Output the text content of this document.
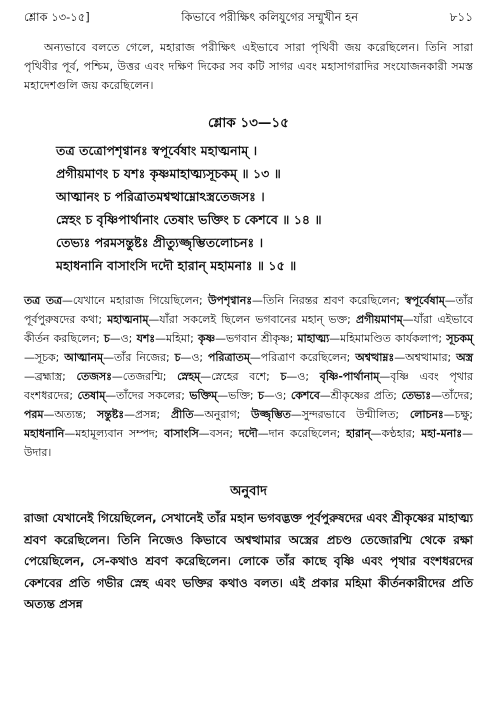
শ্লোক ১৩-১৫]	কিভাবে পরীক্ষিৎ কলিযুগের সম্মুখীন হন	৮১১

অন্যভাবে বলতে গেলে, মহারাজ পরীক্ষিৎ এইভাবে সারা পৃথিবী জয় করেছিলেন। তিনি সারা পৃথিবীর পূর্ব, পশ্চিম, উত্তর এবং দক্ষিণ দিকের সব কটি সাগর এবং মহাসাগরাদির সংযোজনকারী সমস্ত মহাদেশগুলি জয় করেছিলেন।

শ্লোক ১৩—১৫
তত্র তত্রোপশৃণ্বানঃ স্বপূর্বেষাং মহাত্মনাম্ ।
প্রগীয়মাণং চ যশঃ কৃষ্ণমাহাত্ম্যসূচকম্ ॥ ১৩ ॥
আত্মানং চ পরিত্রাতমশ্বত্থাম্নোঽস্ত্রতেজসঃ ।
স্নেহং চ বৃষ্ণিপার্থানাং তেষাং ভক্তিং চ কেশবে ॥ ১৪ ॥
তেভ্যঃ পরমসন্তুষ্টঃ প্রীত্যুজ্জৃম্ভিতলোচনঃ ।
মহাধনানি বাসাংসি দদৌ হারান্ মহামনাঃ ॥ ১৫ ॥
তত্র তত্র—যেখানে মহারাজ গিয়েছিলেন; উপশৃণ্বানঃ—তিনি নিরন্তর শ্রবণ করেছিলেন; স্বপূর্বেষাম্—তাঁর পূর্বপুরুষদের কথা; মহাত্মনাম্—যাঁরা সকলেই ছিলেন ভগবানের মহান্ ভক্ত; প্রগীয়মাণম্—যাঁরা এইভাবে কীর্তন করছিলেন; চ—ও; যশঃ—মহিমা; কৃষ্ণ—ভগবান শ্রীকৃষ্ণ; মাহাত্ম্য—মহিমামণ্ডিত কার্যকলাপ; সূচকম্—সূচক; আত্মানম্—তাঁর নিজের; চ—ও; পরিত্রাতম্—পরিত্রাণ করেছিলেন; অশ্বত্থাম্নঃ—অশ্বত্থামার; অস্ত্র—ব্রহ্মাস্ত্র; তেজসঃ—তেজরশ্মি; স্নেহম্—স্নেহের বশে; চ—ও; বৃষ্ণি-পার্থানাম্—বৃষ্ণি এবং পৃথার বংশধরদের; তেষাম্—তাঁদের সকলের; ভক্তিম্—ভক্তি; চ—ও; কেশবে—শ্রীকৃষ্ণের প্রতি; তেভ্যঃ—তাঁদের; পরম—অত্যন্ত; সন্তুষ্টঃ—প্রসন্ন; প্রীতি—অনুরাগ; উজ্জৃম্ভিত—সুন্দরভাবে উন্মীলিত; লোচনঃ—চক্ষু; মহাধনানি—মহামূল্যবান সম্পদ; বাসাংসি—বসন; দদৌ—দান করেছিলেন; হারান্—কণ্ঠহার; মহা-মনাঃ—উদার।
অনুবাদ

রাজা যেখানেই গিয়েছিলেন, সেখানেই তাঁর মহান ভগবদ্ভক্ত পূর্বপুরুষদের এবং শ্রীকৃষ্ণের মাহাত্ম্য শ্রবণ করেছিলেন। তিনি নিজেও কিভাবে অশ্বত্থামার অস্ত্রের প্রচণ্ড তেজোরশ্মি থেকে রক্ষা পেয়েছিলেন, সে-কথাও শ্রবণ করেছিলেন। লোকে তাঁর কাছে বৃষ্ণি এবং পৃথার বংশধরদের কেশবের প্রতি গভীর স্নেহ এবং ভক্তির কথাও বলত। এই প্রকার মহিমা কীর্তনকারীদের প্রতি অত্যন্ত প্রসন্ন
